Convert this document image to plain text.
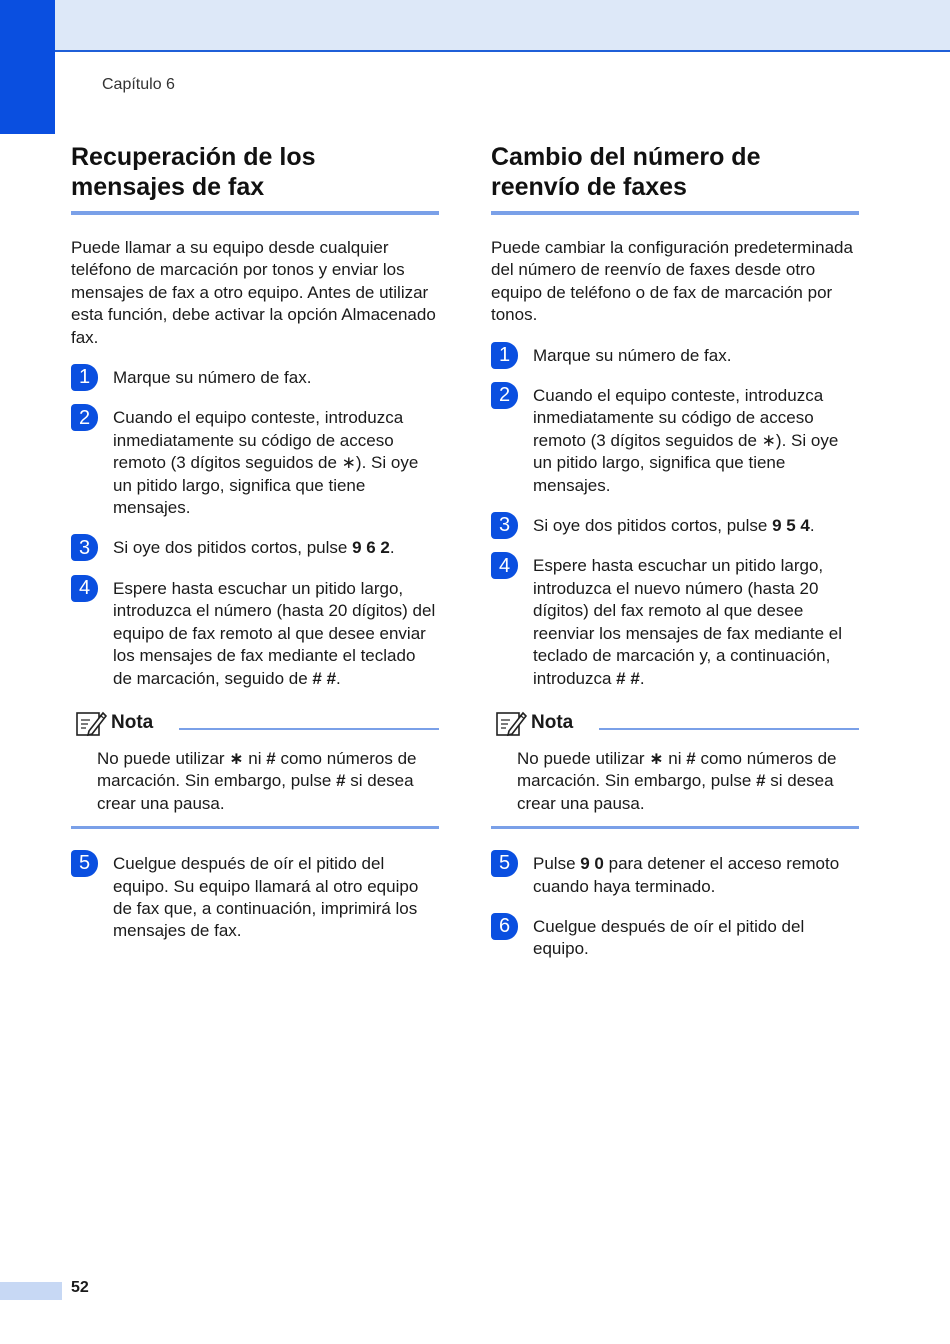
Capítulo 6
Recuperación de los
mensajes de fax

Puede llamar a su equipo desde cualquier teléfono de marcación por tonos y enviar los mensajes de fax a otro equipo. Antes de utilizar esta función, debe activar la opción Almacenado fax.

1	Marque su número de fax.
2	Cuando el equipo conteste, introduzca inmediatamente su código de acceso remoto (3 dígitos seguidos de ∗). Si oye un pitido largo, significa que tiene mensajes.
3	Si oye dos pitidos cortos, pulse 9 6 2.
4	Espere hasta escuchar un pitido largo, introduzca el número (hasta 20 dígitos) del equipo de fax remoto al que desee enviar los mensajes de fax mediante el teclado de marcación, seguido de # #.
Nota
No puede utilizar ∗ ni # como números de marcación. Sin embargo, pulse # si desea crear una pausa.
5	Cuelgue después de oír el pitido del equipo. Su equipo llamará al otro equipo de fax que, a continuación, imprimirá los mensajes de fax.
Cambio del número de
reenvío de faxes

Puede cambiar la configuración predeterminada del número de reenvío de faxes desde otro equipo de teléfono o de fax de marcación por tonos.

1	Marque su número de fax.
2	Cuando el equipo conteste, introduzca inmediatamente su código de acceso remoto (3 dígitos seguidos de ∗). Si oye un pitido largo, significa que tiene mensajes.
3	Si oye dos pitidos cortos, pulse 9 5 4.
4	Espere hasta escuchar un pitido largo, introduzca el nuevo número (hasta 20 dígitos) del fax remoto al que desee reenviar los mensajes de fax mediante el teclado de marcación y, a continuación, introduzca # #.
Nota
No puede utilizar ∗ ni # como números de marcación. Sin embargo, pulse # si desea crear una pausa.
5	Pulse 9 0 para detener el acceso remoto cuando haya terminado.
6	Cuelgue después de oír el pitido del equipo.
52
